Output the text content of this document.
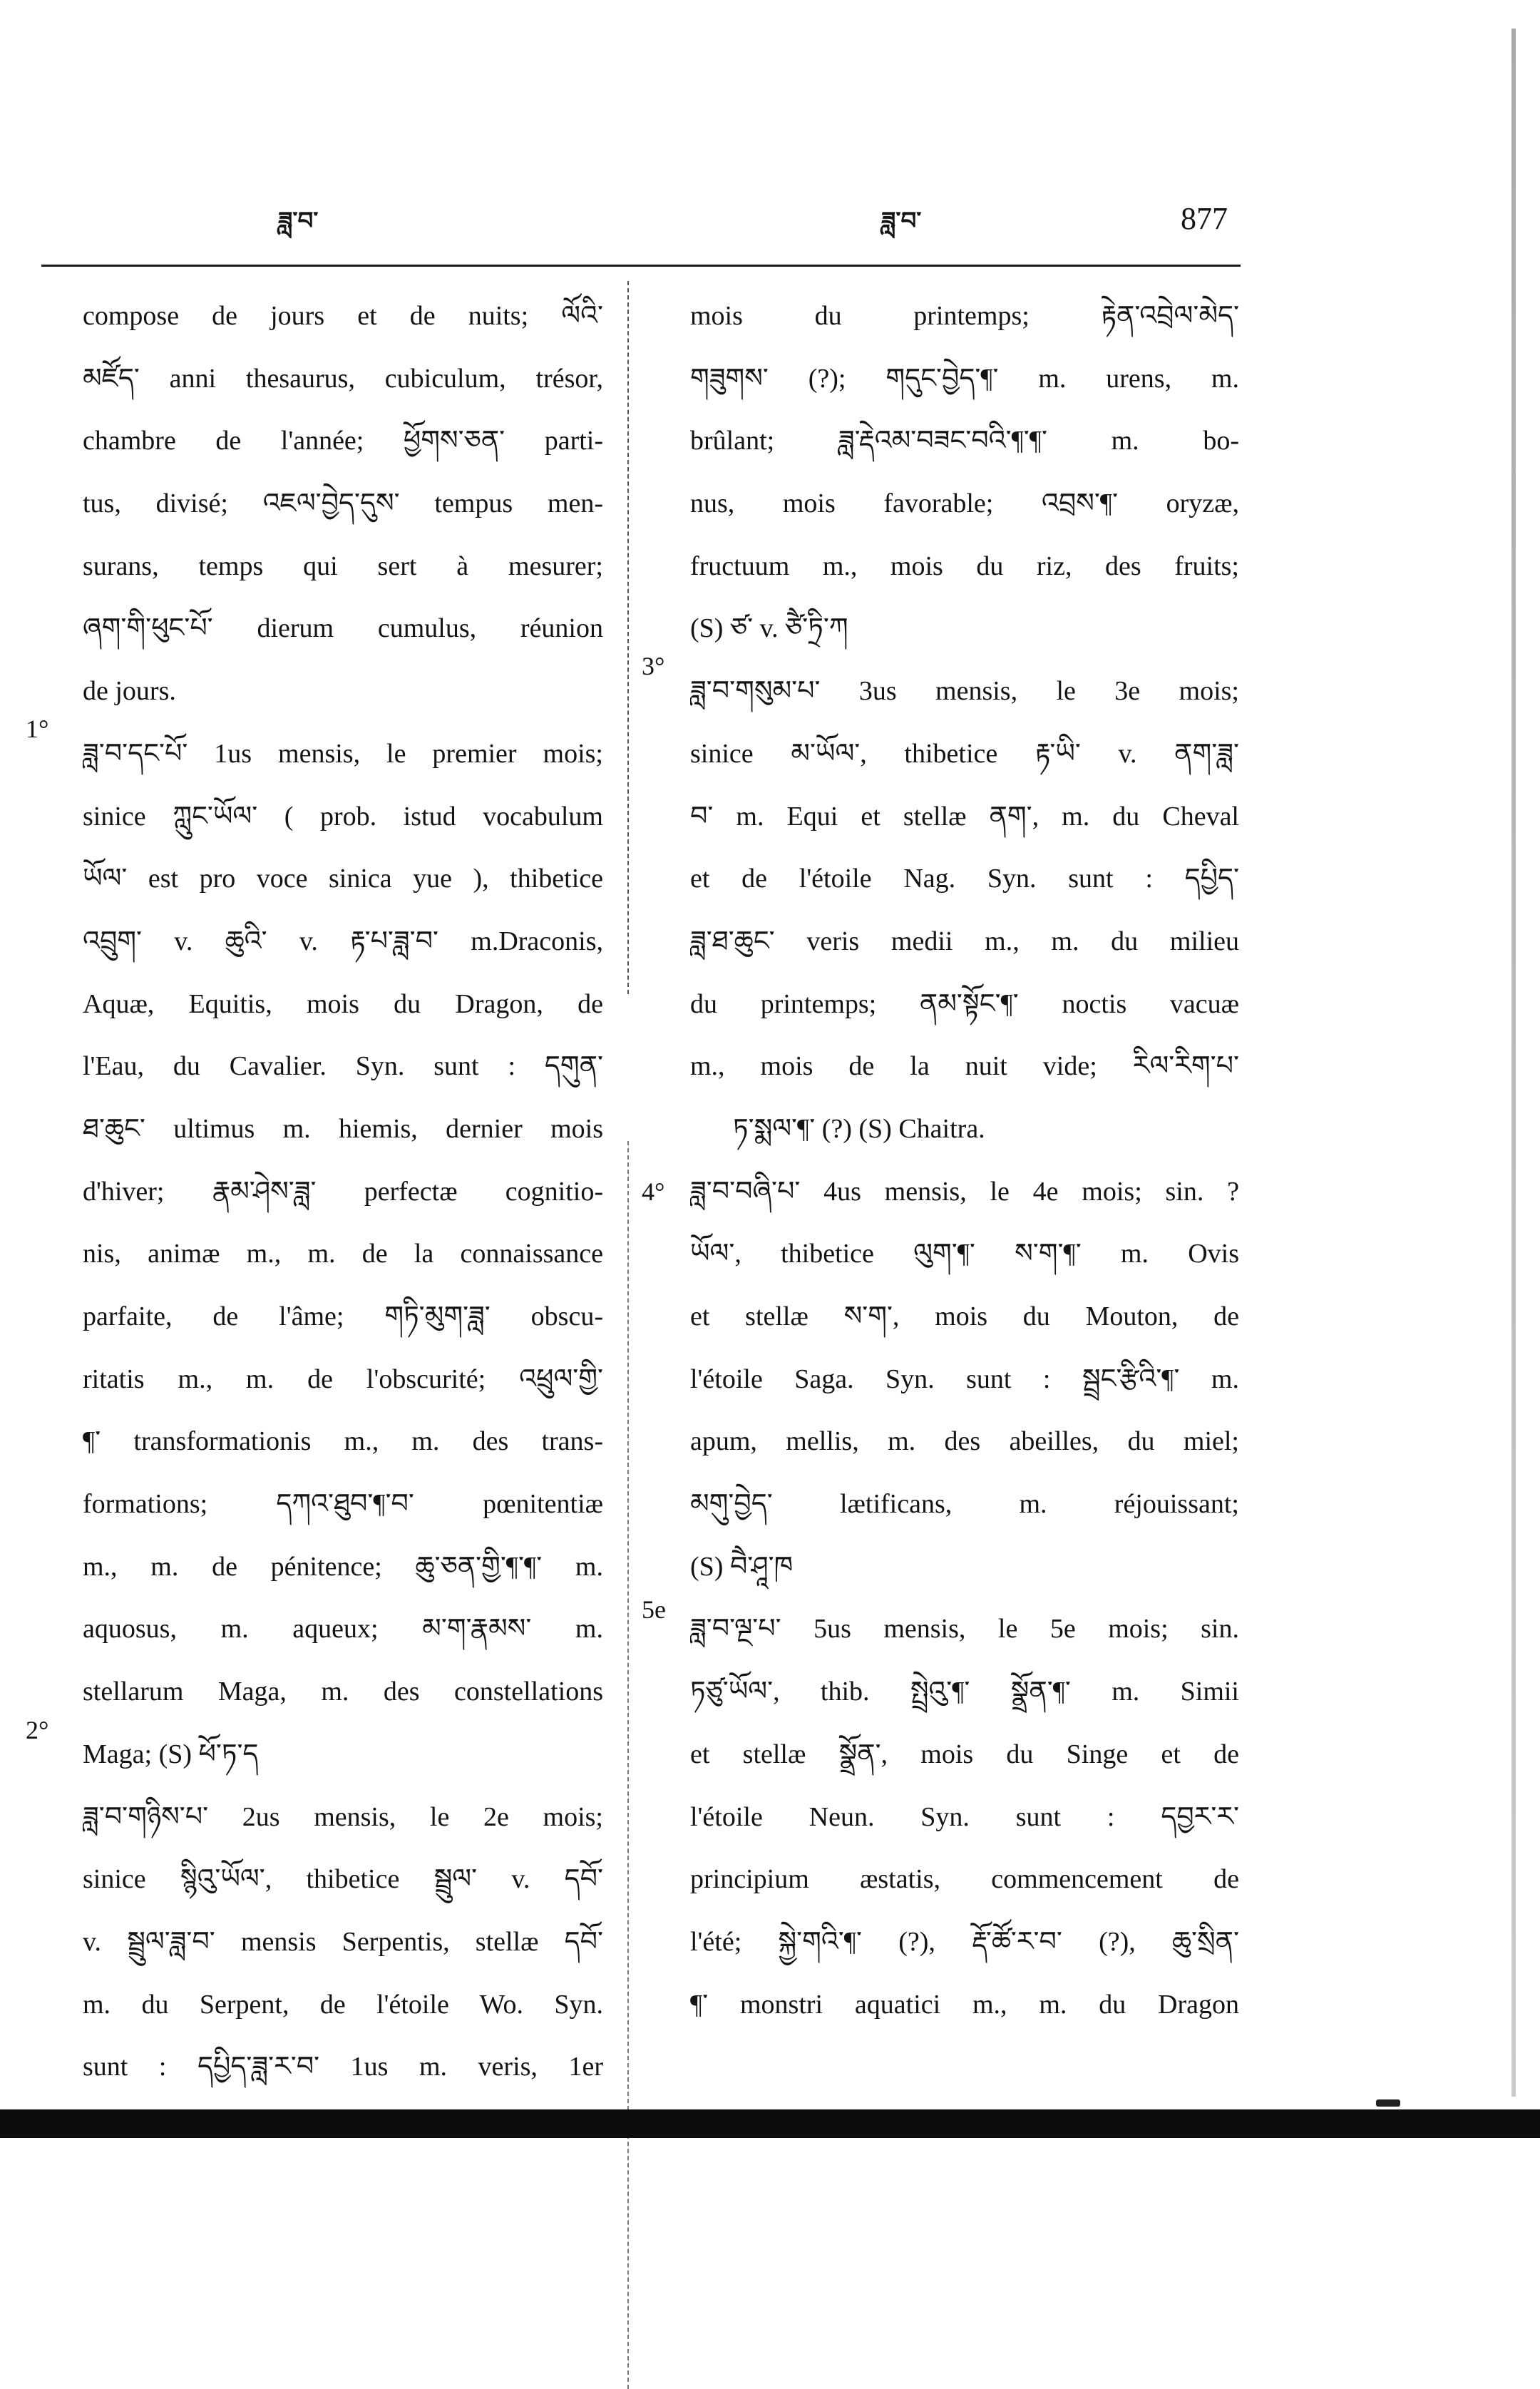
ཟླ་བ་	ཟླ་བ་	877
1°
2°
3°
4°
5e
compose de jours et de nuits; ལོའི་
མཛོད་ anni thesaurus, cubiculum, trésor,
chambre de l'année; ཕྱོགས་ཅན་ parti-
tus, divisé; འཇལ་བྱེད་དུས་ tempus men-
surans, temps qui sert à mesurer;
ཞག་གི་ཕུང་པོ་ dierum cumulus, réunion
de jours.
ཟླ་བ་དང་པོ་ 1us mensis, le premier mois;
sinice ཀླུང་ཡོལ་ ( prob. istud vocabulum
ཡོལ་ est pro voce sinica yue ), thibetice
འབྲུག་ v. ཆུའི་ v. རྟ་པ་ཟླ་བ་ m.Draconis,
Aquæ, Equitis, mois du Dragon, de
l'Eau, du Cavalier. Syn. sunt : དགུན་
ཐ་ཆུང་ ultimus m. hiemis, dernier mois
d'hiver; རྣམ་ཤེས་ཟླ་ perfectæ cognitio-
nis, animæ m., m. de la connaissance
parfaite, de l'âme; གཏི་མུག་ཟླ་ obscu-
ritatis m., m. de l'obscurité; འཕྲུལ་གྱི་
¶་ transformationis m., m. des trans-
formations; དཀའ་ཐུབ་¶་བ་ pœnitentiæ
m., m. de pénitence; ཆུ་ཅན་གྱི་¶་¶་ m.
aquosus, m. aqueux; མ་ག་རྣམས་ m.
stellarum Maga, m. des constellations
Maga; (S) ཕོ་ཏ་ད
ཟླ་བ་གཉིས་པ་ 2us mensis, le 2e mois;
sinice སྙིའུ་ཡོལ་, thibetice སྦྲུལ་ v. དབོ་
v. སྦྲུལ་ཟླ་བ་ mensis Serpentis, stellæ དབོ་
m. du Serpent, de l'étoile Wo. Syn.
sunt : དཔྱིད་ཟླ་ར་བ་ 1us m. veris, 1er
mois du printemps; རྟེན་འབྲེལ་མེད་
གཟུགས་ (?); གདུང་བྱེད་¶་ m. urens, m.
brûlant; ཟླ་རྡེའམ་བཟང་བའི་¶་¶་ m. bo-
nus, mois favorable; འབྲས་¶་ oryzæ,
fructuum m., mois du riz, des fruits;
(S) ཙ་ v. ཙཻ་ཏྲི་ཀ
ཟླ་བ་གསུམ་པ་ 3us mensis, le 3e mois;
sinice མ་ཡོལ་, thibetice རྟ་ཡི་ v. ནག་ཟླ་
བ་ m. Equi et stellæ ནག་, m. du Cheval
et de l'étoile Nag. Syn. sunt : དཔྱིད་
ཟླ་ཐ་ཆུང་ veris medii m., m. du milieu
du printemps; ནམ་སྟོང་¶་ noctis vacuæ
m., mois de la nuit vide; རིལ་རིག་པ་
ཏ་སྨལ་¶་ (?) (S) Chaitra.
ཟླ་བ་བཞི་པ་ 4us mensis, le 4e mois; sin. ?
ཡོལ་, thibetice ལུག་¶་ ས་ག་¶་ m. Ovis
et stellæ ས་ག་, mois du Mouton, de
l'étoile Saga. Syn. sunt : སྦྲང་རྩིའི་¶་ m.
apum, mellis, m. des abeilles, du miel;
མགུ་བྱེད་ lætificans, m. réjouissant;
(S) བཻ་ཤཱ་ཁ
ཟླ་བ་ལྔ་པ་ 5us mensis, le 5e mois; sin.
ཏཙུ་ཡོལ་, thib. སྤྲེའུ་¶་ སྣྲོན་¶་ m. Simii
et stellæ སྣྲོན་, mois du Singe et de
l'étoile Neun. Syn. sunt : དབྱར་ར་
principium æstatis, commencement de
l'été; སྐྱེ་གའི་¶་ (?), རྡོ་ཚོ་ར་བ་ (?), ཆུ་སྲིན་
¶་ monstri aquatici m., m. du Dragon
